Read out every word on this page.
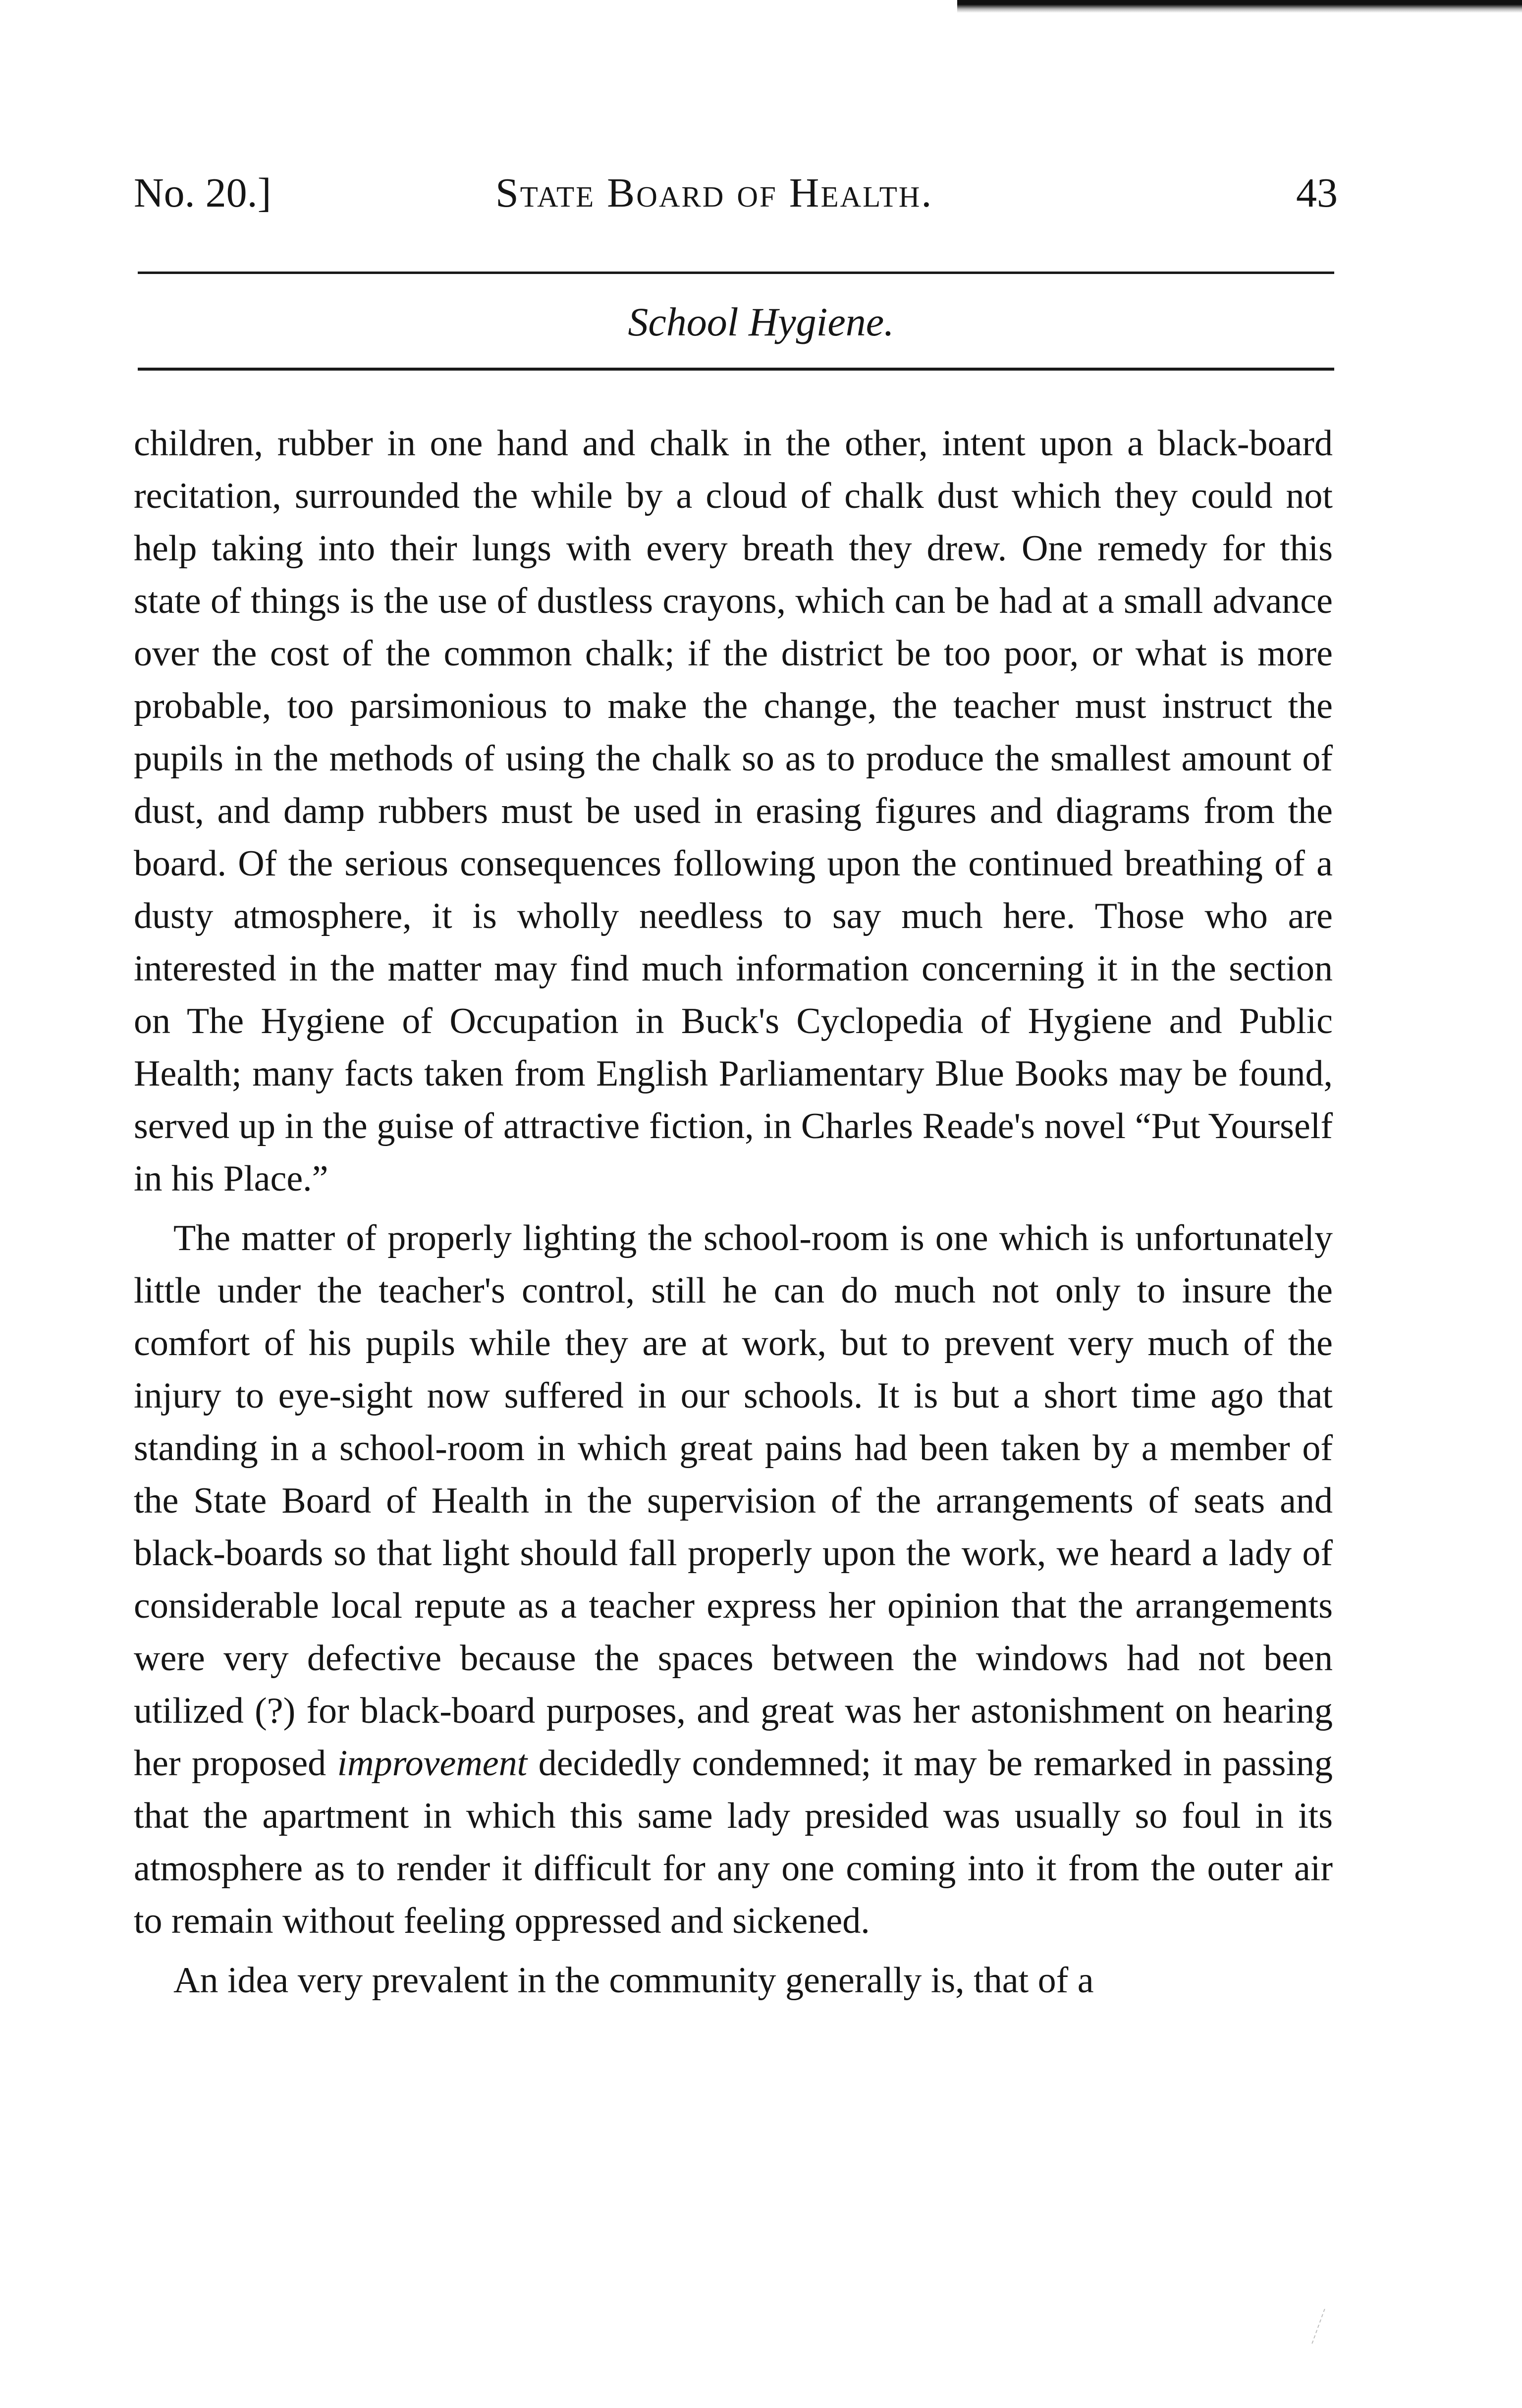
No. 20.]	State Board of Health.	43
School Hygiene.

children, rubber in one hand and chalk in the other, intent upon a black-board recitation, surrounded the while by a cloud of chalk dust which they could not help taking into their lungs with every breath they drew. One remedy for this state of things is the use of dustless crayons, which can be had at a small advance over the cost of the common chalk; if the district be too poor, or what is more probable, too parsimonious to make the change, the teacher must instruct the pupils in the methods of using the chalk so as to produce the smallest amount of dust, and damp rubbers must be used in erasing figures and diagrams from the board. Of the serious consequences following upon the continued breathing of a dusty atmosphere, it is wholly needless to say much here. Those who are interested in the matter may find much information concerning it in the section on The Hygiene of Occupation in Buck's Cyclopedia of Hygiene and Public Health; many facts taken from English Parliamentary Blue Books may be found, served up in the guise of attractive fiction, in Charles Reade's novel “Put Yourself in his Place.”

The matter of properly lighting the school-room is one which is unfortunately little under the teacher's control, still he can do much not only to insure the comfort of his pupils while they are at work, but to prevent very much of the injury to eye-sight now suffered in our schools. It is but a short time ago that standing in a school-room in which great pains had been taken by a member of the State Board of Health in the supervision of the arrangements of seats and black-boards so that light should fall properly upon the work, we heard a lady of considerable local repute as a teacher express her opinion that the arrangements were very defective because the spaces between the windows had not been utilized (?) for black-board purposes, and great was her astonishment on hearing her proposed improvement decidedly condemned; it may be remarked in passing that the apartment in which this same lady presided was usually so foul in its atmosphere as to render it difficult for any one coming into it from the outer air to remain without feeling oppressed and sickened.

An idea very prevalent in the community generally is, that of a
